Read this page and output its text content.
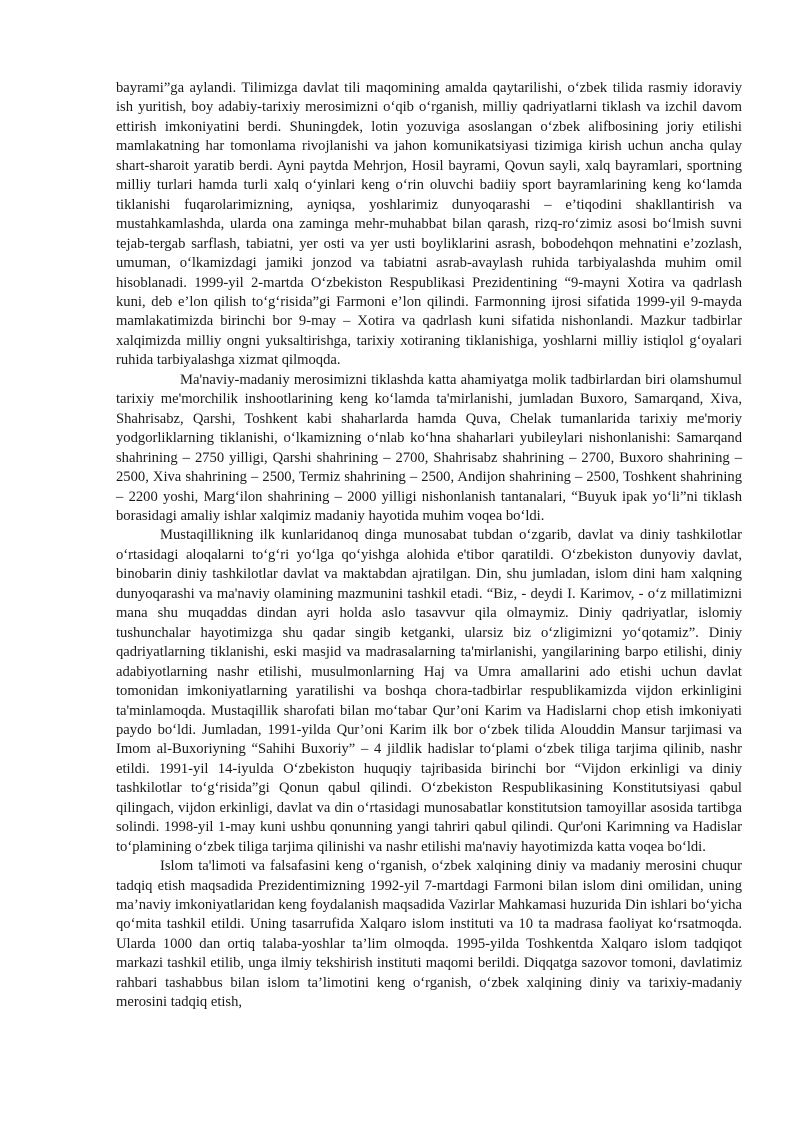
bayrami”ga aylandi. Tilimizga davlat tili maqomining amalda qaytarilishi, o‘zbek tilida rasmiy idoraviy ish yuritish, boy adabiy-tarixiy merosimizni o‘qib o‘rganish, milliy qadriyatlarni tiklash va izchil davom ettirish imkoniyatini berdi. Shuningdek, lotin yozuviga asoslangan o‘zbek alifbosining joriy etilishi mamlakatning har tomonlama rivojlanishi va jahon komunikatsiyasi tizimiga kirish uchun ancha qulay shart-sharoit yaratib berdi. Ayni paytda Mehrjon, Hosil bayrami, Qovun sayli, xalq bayramlari, sportning milliy turlari hamda turli xalq o‘yinlari keng o‘rin oluvchi badiiy sport bayramlarining keng ko‘lamda tiklanishi fuqarolarimizning, ayniqsa, yoshlarimiz dunyoqarashi – e’tiqodini shakllantirish va mustahkamlashda, ularda ona zaminga mehr-muhabbat bilan qarash, rizq-ro‘zimiz asosi bo‘lmish suvni tejab-tergab sarflash, tabiatni, yer osti va yer usti boyliklarini asrash, bobodehqon mehnatini e’zozlash, umuman, o‘lkamizdagi jamiki jonzod va tabiatni asrab-avaylash ruhida tarbiyalashda muhim omil hisoblanadi. 1999-yil 2-martda O‘zbekiston Respublikasi Prezidentining “9-mayni Xotira va qadrlash kuni, deb e’lon qilish to‘g‘risida”gi Farmoni e’lon qilindi. Farmonning ijrosi sifatida 1999-yil 9-mayda mamlakatimizda birinchi bor 9-may – Xotira va qadrlash kuni sifatida nishonlandi. Mazkur tadbirlar xalqimizda milliy ongni yuksaltirishga, tarixiy xotiraning tiklanishiga, yoshlarni milliy istiqlol g‘oyalari ruhida tarbiyalashga xizmat qilmoqda.

Ma'naviy-madaniy merosimizni tiklashda katta ahamiyatga molik tadbirlardan biri olamshumul tarixiy me'morchilik inshootlarining keng ko‘lamda ta'mirlanishi, jumladan Buxoro, Samarqand, Xiva, Shahrisabz, Qarshi, Toshkent kabi shaharlarda hamda Quva, Chelak tumanlarida tarixiy me'moriy yodgorliklarning tiklanishi, o‘lkamizning o‘nlab ko‘hna shaharlari yubileylari nishonlanishi: Samarqand shahrining – 2750 yilligi, Qarshi shahrining – 2700, Shahrisabz shahrining – 2700, Buxoro shahrining – 2500, Xiva shahrining – 2500, Termiz shahrining – 2500, Andijon shahrining – 2500, Toshkent shahrining – 2200 yoshi, Marg‘ilon shahrining – 2000 yilligi nishonlanish tantanalari, “Buyuk ipak yo‘li”ni tiklash borasidagi amaliy ishlar xalqimiz madaniy hayotida muhim voqea bo‘ldi.

Mustaqillikning ilk kunlaridanoq dinga munosabat tubdan o‘zgarib, davlat va diniy tashkilotlar o‘rtasidagi aloqalarni to‘g‘ri yo‘lga qo‘yishga alohida e'tibor qaratildi. O‘zbekiston dunyoviy davlat, binobarin diniy tashkilotlar davlat va maktabdan ajratilgan. Din, shu jumladan, islom dini ham xalqning dunyoqarashi va ma'naviy olamining mazmunini tashkil etadi. “Biz, - deydi I. Karimov, - o‘z millatimizni mana shu muqaddas dindan ayri holda aslo tasavvur qila olmaymiz. Diniy qadriyatlar, islomiy tushunchalar hayotimizga shu qadar singib ketganki, ularsiz biz o‘zligimizni yo‘qotamiz”. Diniy qadriyatlarning tiklanishi, eski masjid va madrasalarning ta'mirlanishi, yangilarining barpo etilishi, diniy adabiyotlarning nashr etilishi, musulmonlarning Haj va Umra amallarini ado etishi uchun davlat tomonidan imkoniyatlarning yaratilishi va boshqa chora-tadbirlar respublikamizda vijdon erkinligini ta'minlamoqda. Mustaqillik sharofati bilan mo‘tabar Qur’oni Karim va Hadislarni chop etish imkoniyati paydo bo‘ldi. Jumladan, 1991-yilda Qur’oni Karim ilk bor o‘zbek tilida Alouddin Mansur tarjimasi va Imom al-Buxoriyning “Sahihi Buxoriy” – 4 jildlik hadislar to‘plami o‘zbek tiliga tarjima qilinib, nashr etildi. 1991-yil 14-iyulda O‘zbekiston huquqiy tajribasida birinchi bor “Vijdon erkinligi va diniy tashkilotlar to‘g‘risida”gi Qonun qabul qilindi. O‘zbekiston Respublikasining Konstitutsiyasi qabul qilingach, vijdon erkinligi, davlat va din o‘rtasidagi munosabatlar konstitutsion tamoyillar asosida tartibga solindi. 1998-yil 1-may kuni ushbu qonunning yangi tahriri qabul qilindi. Qur'oni Karimning va Hadislar to‘plamining o‘zbek tiliga tarjima qilinishi va nashr etilishi ma'naviy hayotimizda katta voqea bo‘ldi.

Islom ta'limoti va falsafasini keng o‘rganish, o‘zbek xalqining diniy va madaniy merosini chuqur tadqiq etish maqsadida Prezidentimizning 1992-yil 7-martdagi Farmoni bilan islom dini omilidan, uning ma’naviy imkoniyatlaridan keng foydalanish maqsadida Vazirlar Mahkamasi huzurida Din ishlari bo‘yicha qo‘mita tashkil etildi. Uning tasarrufida Xalqaro islom instituti va 10 ta madrasa faoliyat ko‘rsatmoqda. Ularda 1000 dan ortiq talaba-yoshlar ta’lim olmoqda. 1995-yilda Toshkentda Xalqaro islom tadqiqot markazi tashkil etilib, unga ilmiy tekshirish instituti maqomi berildi. Diqqatga sazovor tomoni, davlatimiz rahbari tashabbus bilan islom ta’limotini keng o‘rganish, o‘zbek xalqining diniy va tarixiy-madaniy merosini tadqiq etish,
